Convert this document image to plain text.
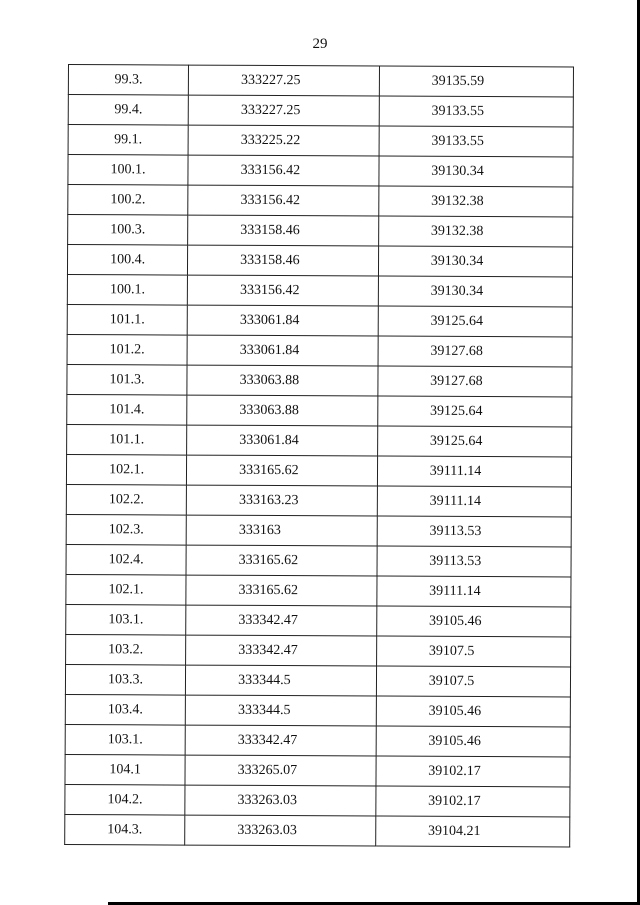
29
99.3.	333227.25	39135.59
99.4.	333227.25	39133.55
99.1.	333225.22	39133.55
100.1.	333156.42	39130.34
100.2.	333156.42	39132.38
100.3.	333158.46	39132.38
100.4.	333158.46	39130.34
100.1.	333156.42	39130.34
101.1.	333061.84	39125.64
101.2.	333061.84	39127.68
101.3.	333063.88	39127.68
101.4.	333063.88	39125.64
101.1.	333061.84	39125.64
102.1.	333165.62	39111.14
102.2.	333163.23	39111.14
102.3.	333163	39113.53
102.4.	333165.62	39113.53
102.1.	333165.62	39111.14
103.1.	333342.47	39105.46
103.2.	333342.47	39107.5
103.3.	333344.5	39107.5
103.4.	333344.5	39105.46
103.1.	333342.47	39105.46
104.1	333265.07	39102.17
104.2.	333263.03	39102.17
104.3.	333263.03	39104.21
